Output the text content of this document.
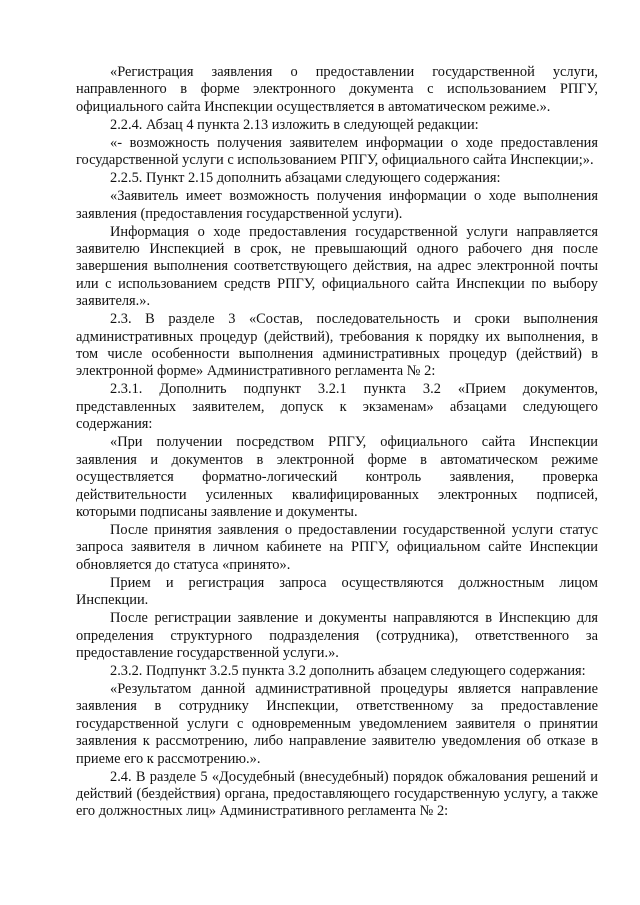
«Регистрация заявления о предоставлении государственной услуги, направленного в форме электронного документа с использованием РПГУ, официального сайта Инспекции осуществляется в автоматическом режиме.».

2.2.4. Абзац 4 пункта 2.13 изложить в следующей редакции:

«- возможность получения заявителем информации о ходе предоставления государственной услуги с использованием РПГУ, официального сайта Инспекции;».

2.2.5. Пункт 2.15 дополнить абзацами следующего содержания:

«Заявитель имеет возможность получения информации о ходе выполнения заявления (предоставления государственной услуги).

Информация о ходе предоставления государственной услуги направляется заявителю Инспекцией в срок, не превышающий одного рабочего дня после завершения выполнения соответствующего действия, на адрес электронной почты или с использованием средств РПГУ, официального сайта Инспекции по выбору заявителя.».

2.3. В разделе 3 «Состав, последовательность и сроки выполнения административных процедур (действий), требования к порядку их выполнения, в том числе особенности выполнения административных процедур (действий) в электронной форме» Административного регламента № 2:

2.3.1. Дополнить подпункт 3.2.1 пункта 3.2 «Прием документов, представленных заявителем, допуск к экзаменам» абзацами следующего содержания:

«При получении посредством РПГУ, официального сайта Инспекции заявления и документов в электронной форме в автоматическом режиме осуществляется форматно-логический контроль заявления, проверка действительности усиленных квалифицированных электронных подписей, которыми подписаны заявление и документы.

После принятия заявления о предоставлении государственной услуги статус запроса заявителя в личном кабинете на РПГУ, официальном сайте Инспекции обновляется до статуса «принято».

Прием и регистрация запроса осуществляются должностным лицом Инспекции.

После регистрации заявление и документы направляются в Инспекцию для определения структурного подразделения (сотрудника), ответственного за предоставление государственной услуги.».

2.3.2. Подпункт 3.2.5 пункта 3.2 дополнить абзацем следующего содержания:

«Результатом данной административной процедуры является направление заявления в сотруднику Инспекции, ответственному за предоставление государственной услуги с одновременным уведомлением заявителя о принятии заявления к рассмотрению, либо направление заявителю уведомления об отказе в приеме его к рассмотрению.».

2.4. В разделе 5 «Досудебный (внесудебный) порядок обжалования решений и действий (бездействия) органа, предоставляющего государственную услугу, а также его должностных лиц» Административного регламента № 2:
